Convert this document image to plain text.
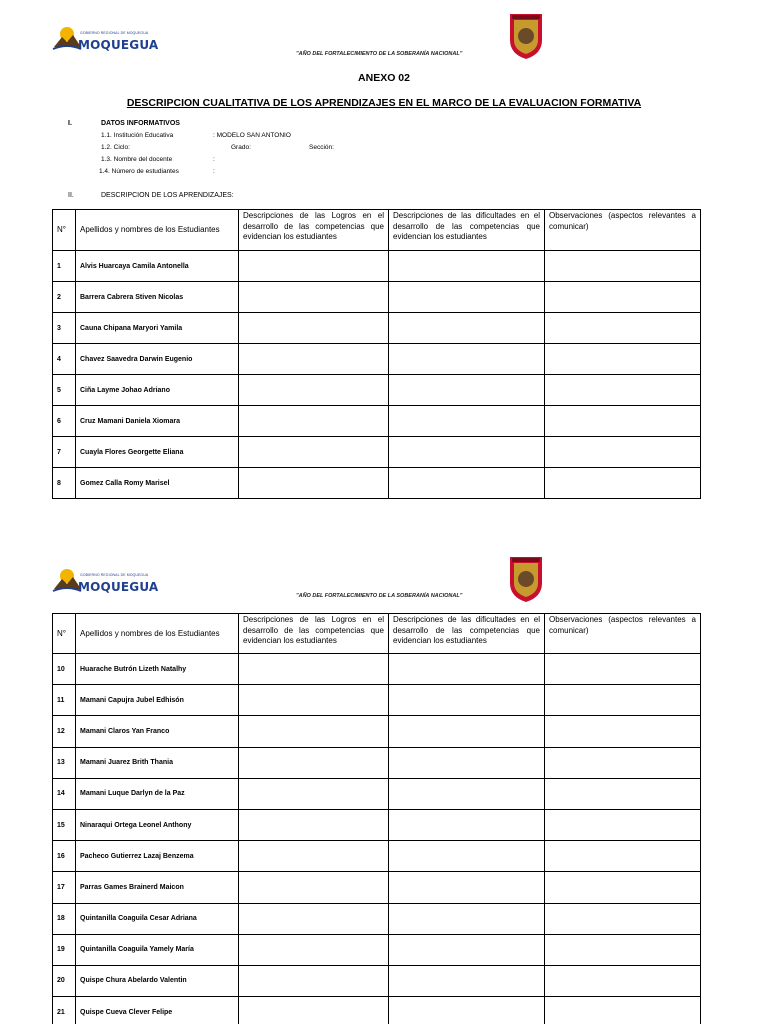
GOBIERNO REGIONAL DE MOQUEGUA
MOQUEGUA
"AÑO DEL FORTALECIMIENTO DE LA SOBERANÍA NACIONAL"
ANEXO 02
DESCRIPCION CUALITATIVA DE LOS APRENDIZAJES EN EL MARCO DE LA EVALUACION FORMATIVA
I.	DATOS INFORMATIVOS
1.1. Institución Educativa	: MODELO SAN ANTONIO
1.2. Ciclo:	Grado:	Sección:
1.3. Nombre del docente	:
1.4. Número de estudiantes	:
II.	DESCRIPCION DE LOS APRENDIZAJES:
N°	Apellidos y nombres de los Estudiantes	Descripciones de las Logros en el desarrollo de las competencias que evidencian los estudiantes	Descripciones de las dificultades en el desarrollo de las competencias que evidencian los estudiantes	Observaciones (aspectos relevantes a comunicar)
1	Alvis Huarcaya Camila Antonella			
2	Barrera Cabrera Stiven Nicolas			
3	Cauna Chipana Maryori Yamila			
4	Chavez Saavedra Darwin Eugenio			
5	Ciña Layme Johao Adriano			
6	Cruz Mamani Daniela Xiomara			
7	Cuayla Flores Georgette Eliana			
8	Gomez Calla Romy Marisel			
GOBIERNO REGIONAL DE MOQUEGUA
MOQUEGUA
"AÑO DEL FORTALECIMIENTO DE LA SOBERANÍA NACIONAL"
N°	Apellidos y nombres de los Estudiantes	Descripciones de las Logros en el desarrollo de las competencias que evidencian los estudiantes	Descripciones de las dificultades en el desarrollo de las competencias que evidencian los estudiantes	Observaciones (aspectos relevantes a comunicar)
10	Huarache Butrón Lizeth Natalhy			
11	Mamani Capujra Jubel Edhisón			
12	Mamani Claros Yan Franco			
13	Mamani Juarez Brith Thania			
14	Mamani Luque Darlyn de la Paz			
15	Ninaraqui Ortega Leonel Anthony			
16	Pacheco Gutierrez Lazaj Benzema			
17	Parras Games Brainerd Maicon			
18	Quintanilla Coaguila Cesar Adriana			
19	Quintanilla Coaguila Yamely María			
20	Quispe Chura Abelardo Valentin			
21	Quispe Cueva Clever Felipe			
